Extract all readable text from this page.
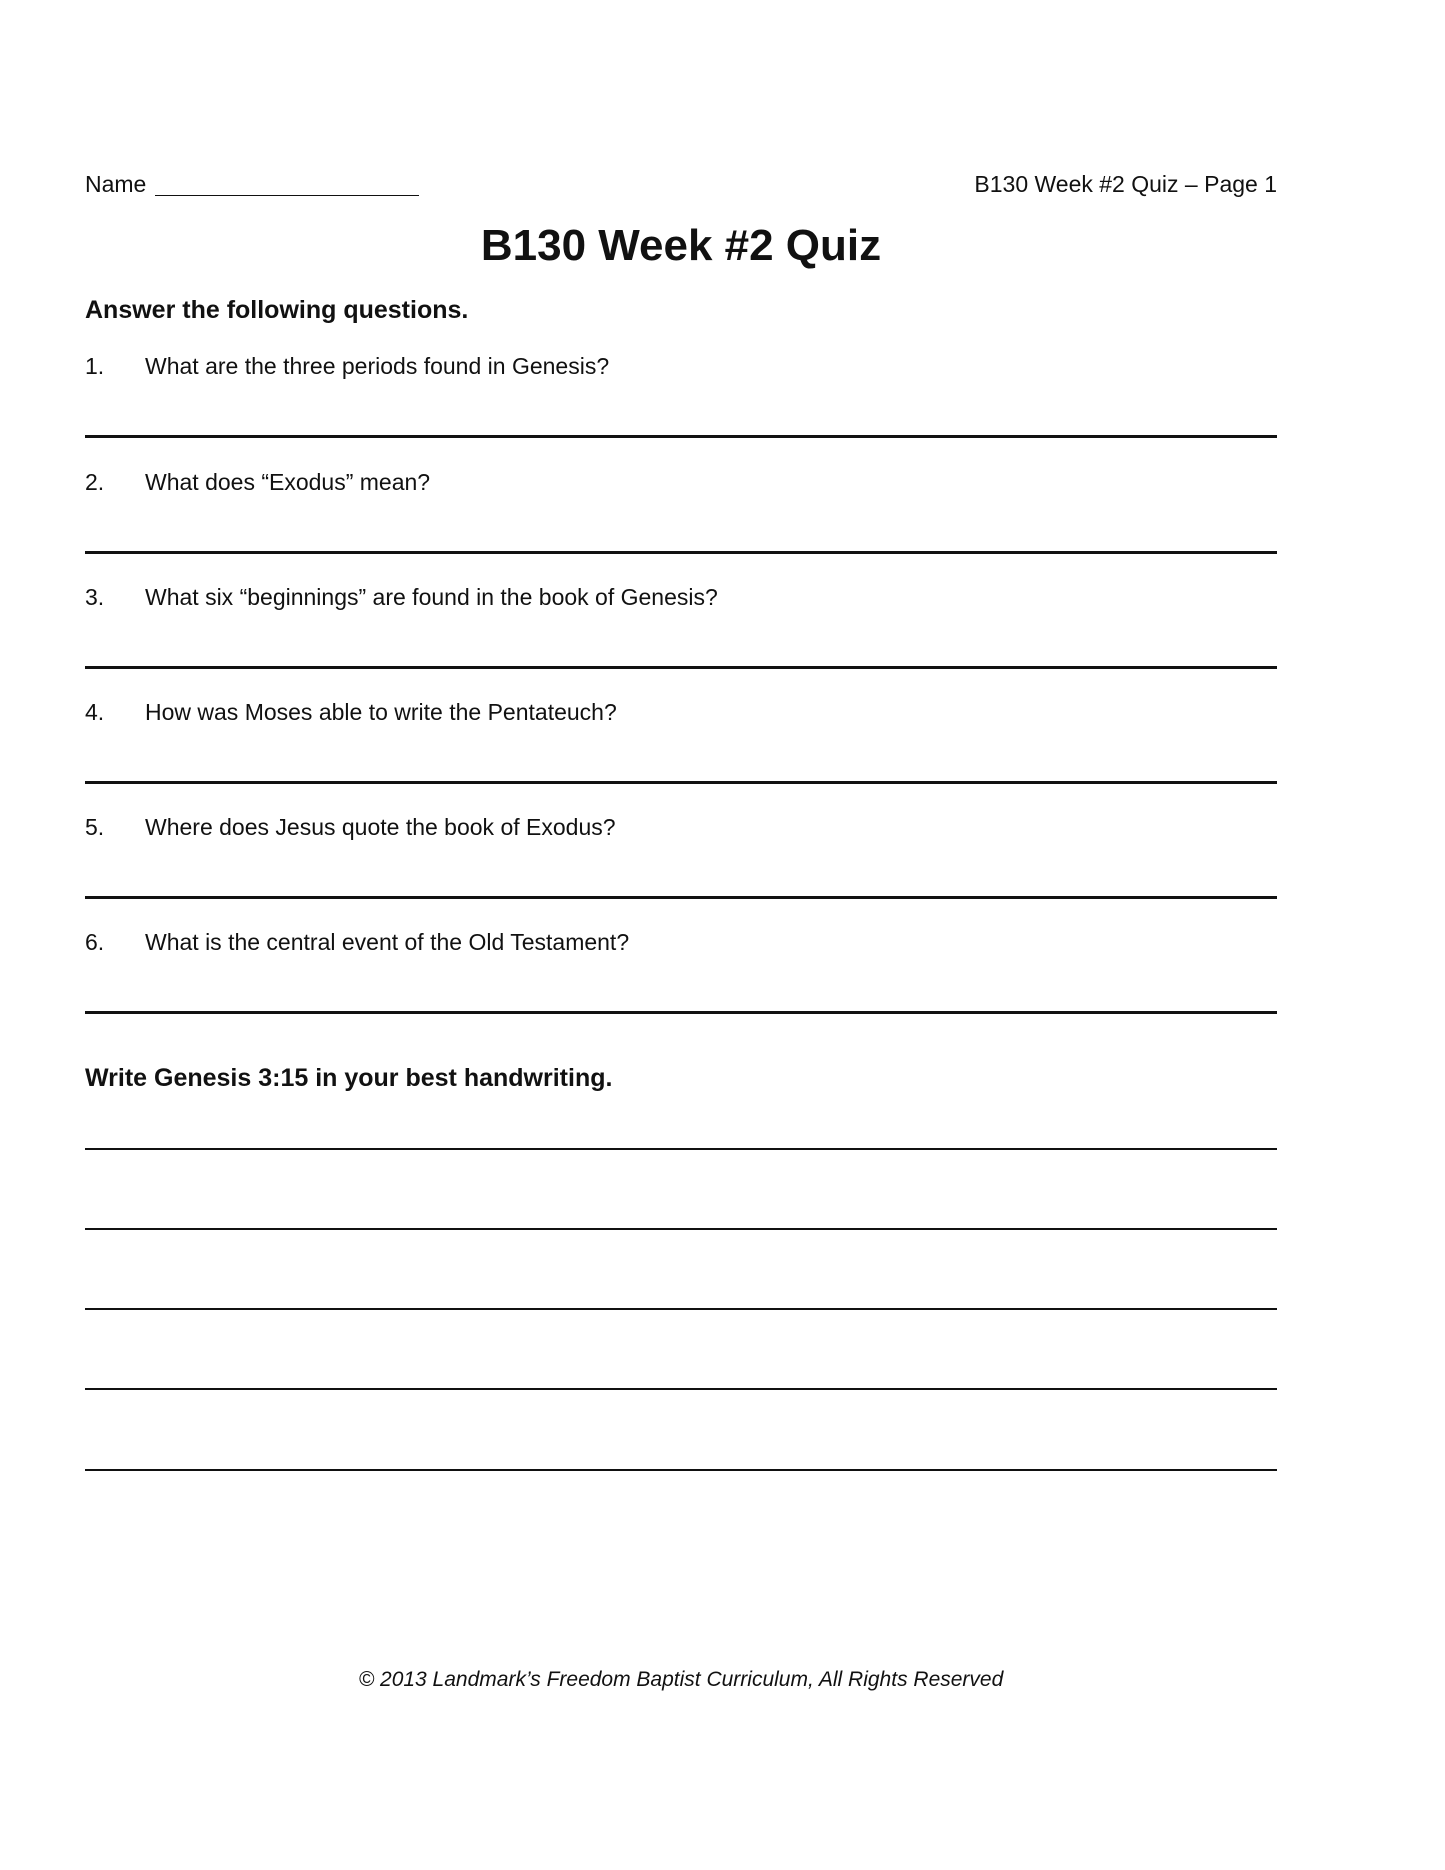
Name	B130 Week #2 Quiz – Page 1
B130 Week #2 Quiz

Answer the following questions.

1. What are the three periods found in Genesis?
2. What does “Exodus” mean?
3. What six “beginnings” are found in the book of Genesis?
4. How was Moses able to write the Pentateuch?
5. Where does Jesus quote the book of Exodus?
6. What is the central event of the Old Testament?

Write Genesis 3:15 in your best handwriting.

© 2013 Landmark’s Freedom Baptist Curriculum, All Rights Reserved
